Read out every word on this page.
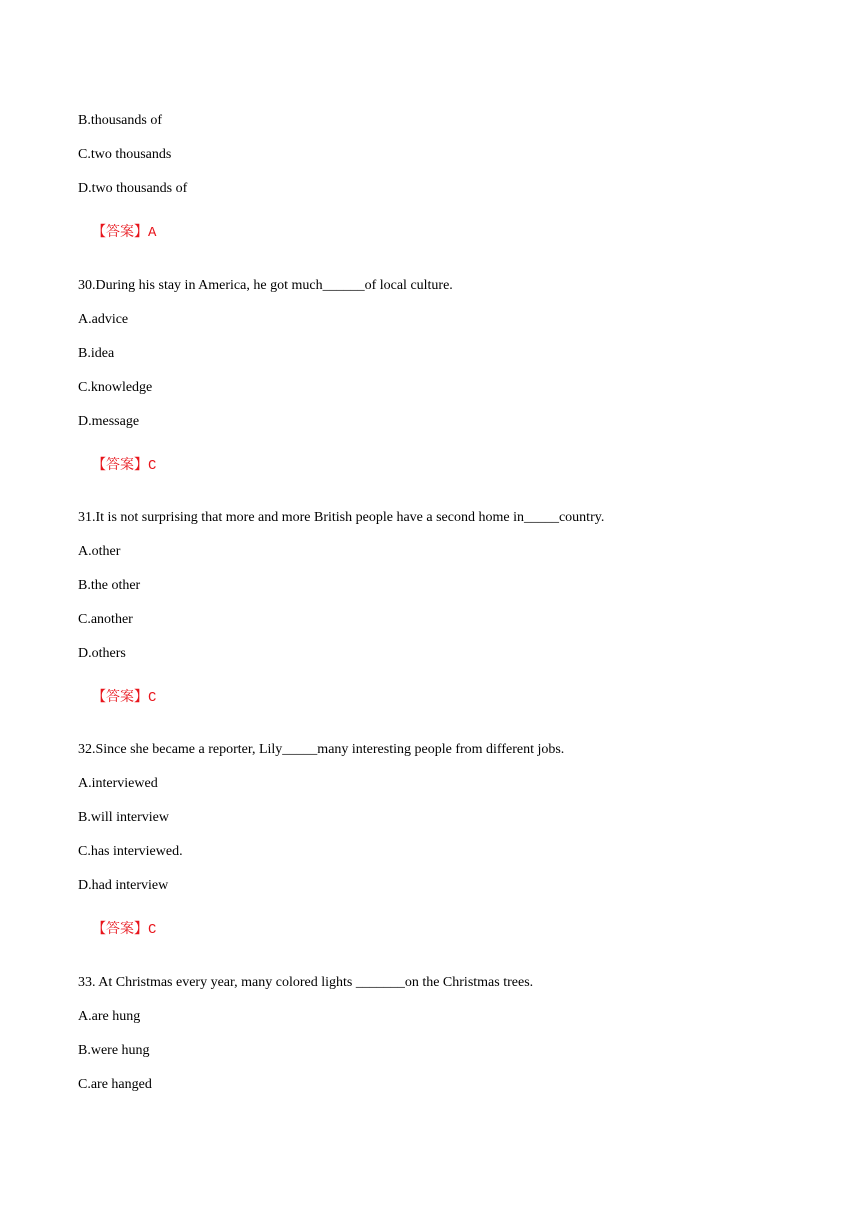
B.thousands of

C.two thousands

D.two thousands of

【答案】A

30.During his stay in America, he got much______of local culture.

A.advice

B.idea

C.knowledge

D.message

【答案】C

31.It is not surprising that more and more British people have a second home in_____country.

A.other

B.the other

C.another

D.others

【答案】C

32.Since she became a reporter, Lily_____many interesting people from different jobs.

A.interviewed

B.will interview

C.has interviewed.

D.had interview

【答案】C

33. At Christmas every year, many colored lights _______on the Christmas trees.

A.are hung

B.were hung

C.are hanged
